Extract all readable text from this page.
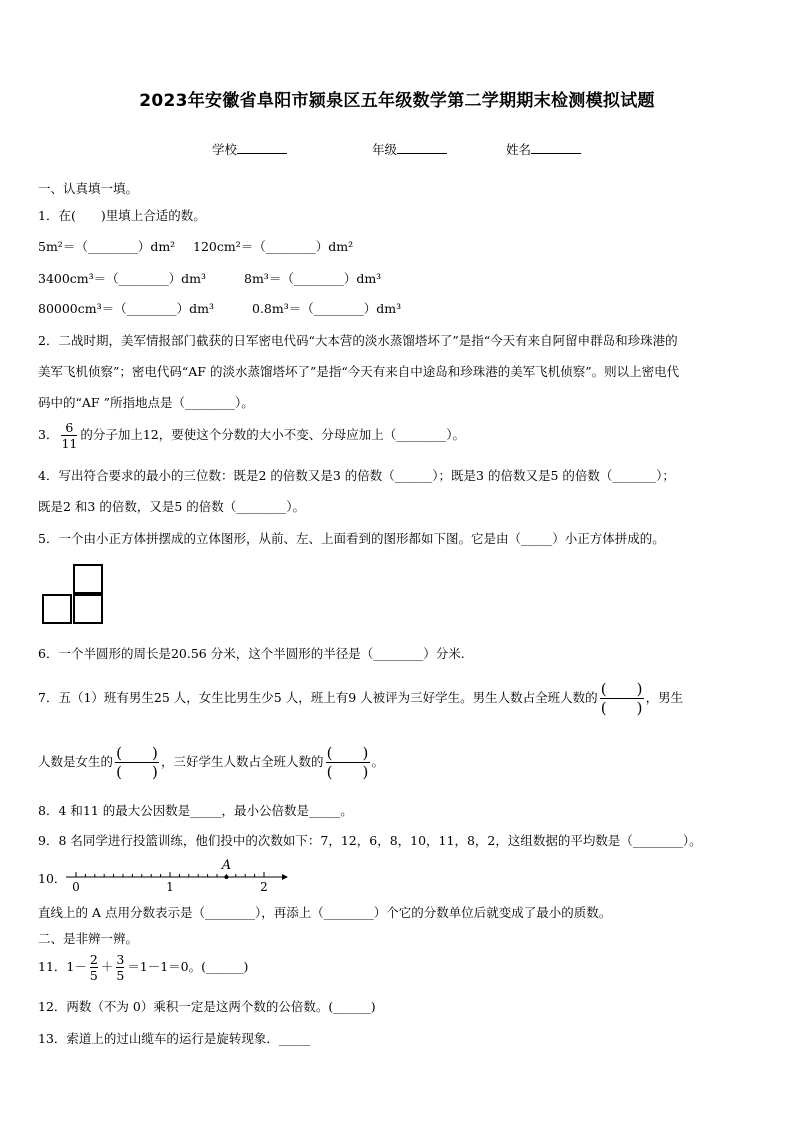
2023年安徽省阜阳市颍泉区五年级数学第二学期期末检测模拟试题
学校	年级	姓名
一、认真填一填。
1．在(　　)里填上合适的数。
5m²＝（________）dm² 120cm²＝（________）dm²
3400cm³＝（________）dm³	8m³＝（________）dm³
80000cm³＝（________）dm³	0.8m³＝（________）dm³
2．二战时期，美军情报部门截获的日军密电代码“大本营的淡水蒸馏塔坏了”是指“今天有来自阿留申群岛和珍珠港的
美军飞机侦察”；密电代码“AF 的淡水蒸馏塔坏了”是指“今天有来自中途岛和珍珠港的美军飞机侦察”。则以上密电代
码中的“AF ”所指地点是（________）。
3． $\frac{6}{11}$ 的分子加上12，要使这个分数的大小不变、分母应加上（________）。
4．写出符合要求的最小的三位数：既是2 的倍数又是3 的倍数（______）；既是3 的倍数又是5 的倍数（_______）；
既是2 和3 的倍数，又是5 的倍数（________）。
5．一个由小正方体拼摆成的立体图形，从前、左、上面看到的图形都如下图。它是由（_____）小正方体拼成的。
6．一个半圆形的周长是20.56 分米，这个半圆形的半径是（________）分米.
7．五（1）班有男生25 人，女生比男生少5 人，班上有9 人被评为三好学生。男生人数占全班人数的 $\frac{( )}{( )}$ ，男生
人数是女生的 $\frac{( )}{( )}$ ，三好学生人数占全班人数的 $\frac{( )}{( )}$ 。
8．4 和11 的最大公因数是_____，最小公倍数是_____。
9．8 名同学进行投篮训练，他们投中的次数如下：7，12，6，8，10，11，8，2，这组数据的平均数是（________）。
10．
0	1	2
A
直线上的 A 点用分数表示是（________），再添上（________）个它的分数单位后就变成了最小的质数。
二、是非辨一辨。
11．$1- \frac{2}{5} + \frac{3}{5} =1-1=0$。(______)
12．两数（不为 0）乘积一定是这两个数的公倍数。(______)
13．索道上的过山缆车的运行是旋转现象．_____
